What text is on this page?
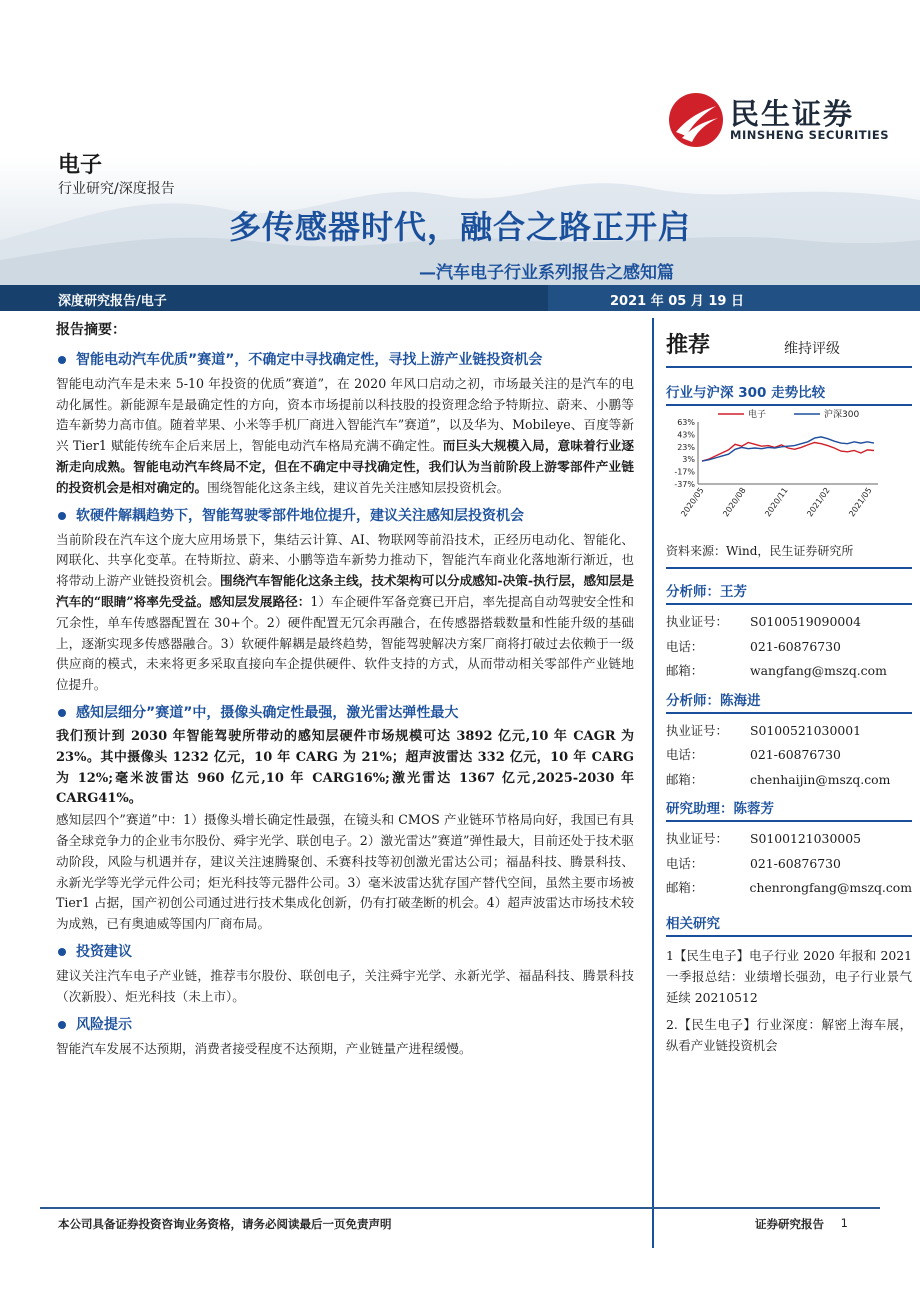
民生证券
MINSHENG SECURITIES
电子
行业研究/深度报告
多传感器时代，融合之路正开启
—汽车电子行业系列报告之感知篇
深度研究报告/电子	2021 年 05 月 19 日
报告摘要：
智能电动汽车优质”赛道”，不确定中寻找确定性，寻找上游产业链投资机会

智能电动汽车是未来 5-10 年投资的优质”赛道”，在 2020 年风口启动之初，市场最关注的是汽车的电动化属性。新能源车是最确定性的方向，资本市场提前以科技股的投资理念给予特斯拉、蔚来、小鹏等造车新势力高市值。随着苹果、小米等手机厂商进入智能汽车”赛道”，以及华为、Mobileye、百度等新兴 Tier1 赋能传统车企后来居上，智能电动汽车格局充满不确定性。而巨头大规模入局，意味着行业逐渐走向成熟。智能电动汽车终局不定，但在不确定中寻找确定性，我们认为当前阶段上游零部件产业链的投资机会是相对确定的。围绕智能化这条主线，建议首先关注感知层投资机会。

软硬件解耦趋势下，智能驾驶零部件地位提升，建议关注感知层投资机会

当前阶段在汽车这个庞大应用场景下，集结云计算、AI、物联网等前沿技术，正经历电动化、智能化、网联化、共享化变革。在特斯拉、蔚来、小鹏等造车新势力推动下，智能汽车商业化落地渐行渐近，也将带动上游产业链投资机会。围绕汽车智能化这条主线，技术架构可以分成感知-决策-执行层，感知层是汽车的“眼睛”将率先受益。感知层发展路径：1）车企硬件军备竞赛已开启，率先提高自动驾驶安全性和冗余性，单车传感器配置在 30+个。2）硬件配置无冗余再融合，在传感器搭载数量和性能升级的基础上，逐渐实现多传感器融合。3）软硬件解耦是最终趋势，智能驾驶解决方案厂商将打破过去依赖于一级供应商的模式，未来将更多采取直接向车企提供硬件、软件支持的方式，从而带动相关零部件产业链地位提升。

感知层细分”赛道”中，摄像头确定性最强，激光雷达弹性最大

我们预计到 2030 年智能驾驶所带动的感知层硬件市场规模可达 3892 亿元,10 年 CAGR 为 23%。其中摄像头 1232 亿元，10 年 CARG 为 21%；超声波雷达 332 亿元，10 年 CARG 为 12%;毫米波雷达 960 亿元,10 年 CARG16%;激光雷达 1367 亿元,2025-2030 年 CARG41%。

感知层四个”赛道”中：1）摄像头增长确定性最强，在镜头和 CMOS 产业链环节格局向好，我国已有具备全球竞争力的企业韦尔股份、舜宇光学、联创电子。2）激光雷达”赛道”弹性最大，目前还处于技术驱动阶段，风险与机遇并存，建议关注速腾聚创、禾赛科技等初创激光雷达公司；福晶科技、腾景科技、永新光学等光学元件公司；炬光科技等元器件公司。3）毫米波雷达犹存国产替代空间，虽然主要市场被 Tier1 占据，国产初创公司通过进行技术集成化创新，仍有打破垄断的机会。4）超声波雷达市场技术较为成熟，已有奥迪威等国内厂商布局。

投资建议

建议关注汽车电子产业链，推荐韦尔股份、联创电子，关注舜宇光学、永新光学、福晶科技、腾景科技（次新股）、炬光科技（未上市）。

风险提示

智能汽车发展不达预期，消费者接受程度不达预期，产业链量产进程缓慢。

推荐	维持评级
行业与沪深 300 走势比较
63%
43%
23%
3%
-17%
-37%
2020/05 2020/08 2020/11 2021/02 2021/05
电子	沪深300
资料来源：Wind，民生证券研究所
分析师：王芳
执业证号：	S0100519090004
电话：	021-60876730
邮箱：	wangfang@mszq.com
分析师：陈海进
执业证号：	S0100521030001
电话：	021-60876730
邮箱：	chenhaijin@mszq.com
研究助理：陈蓉芳
执业证号：	S0100121030005
电话：	021-60876730
邮箱：	chenrongfang@mszq.com
相关研究

1【民生电子】电子行业 2020 年报和 2021 一季报总结：业绩增长强劲，电子行业景气延续 20210512

2.【民生电子】行业深度：解密上海车展，纵看产业链投资机会

本公司具备证券投资咨询业务资格，请务必阅读最后一页免责声明	证券研究报告 1
